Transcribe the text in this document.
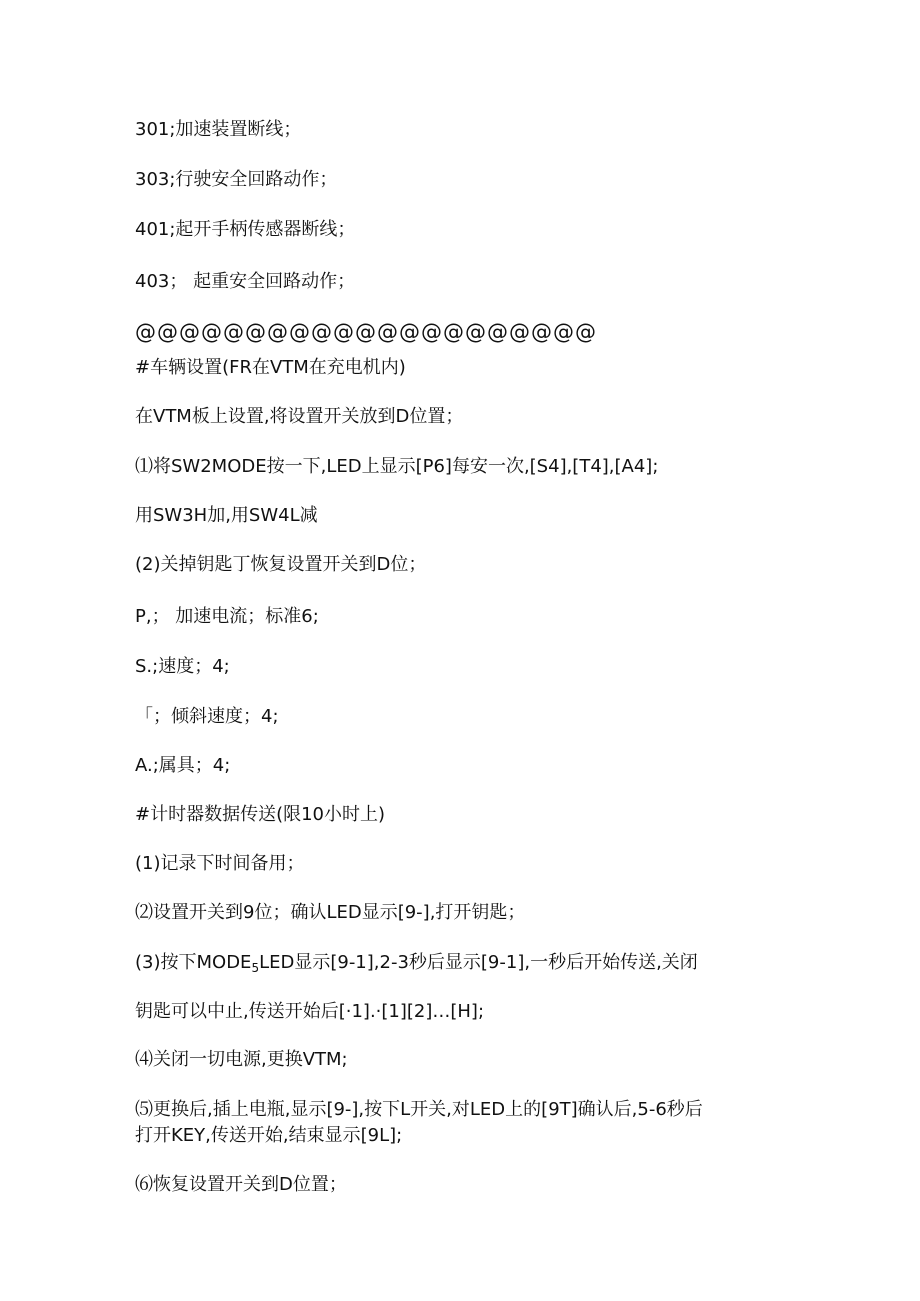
301;加速装置断线；
303;行驶安全回路动作；
401;起开手柄传感器断线；
403； 起重安全回路动作；
@@@@@@@@@@@@@@@@@@@@@
#车辆设置(FR在VTM在充电机内)
在VTM板上设置,将设置开关放到D位置；
⑴将SW2MODE按一下,LED上显示[P6]每安一次,[S4],[T4],[A4];
用SW3H加,用SW4L减
(2)关掉钥匙丁恢复设置开关到D位；
P,； 加速电流；标准6;
S.;速度；4;
「；倾斜速度；4;
A.;属具；4;
#计时器数据传送(限10小时上)
(1)记录下时间备用；
⑵设置开关到9位；确认LED显示[9-],打开钥匙；
(3)按下$MODE_5LED$显示[9-1],2-3秒后显示[9-1],一秒后开始传送,关闭
钥匙可以中止,传送开始后[·1].·[1][2]…[H];
⑷关闭一切电源,更换VTM;
⑸更换后,插上电瓶,显示[9-],按下L开关,对LED上的[9T]确认后,5-6秒后
打开KEY,传送开始,结束显示[9L];
⑹恢复设置开关到D位置；
